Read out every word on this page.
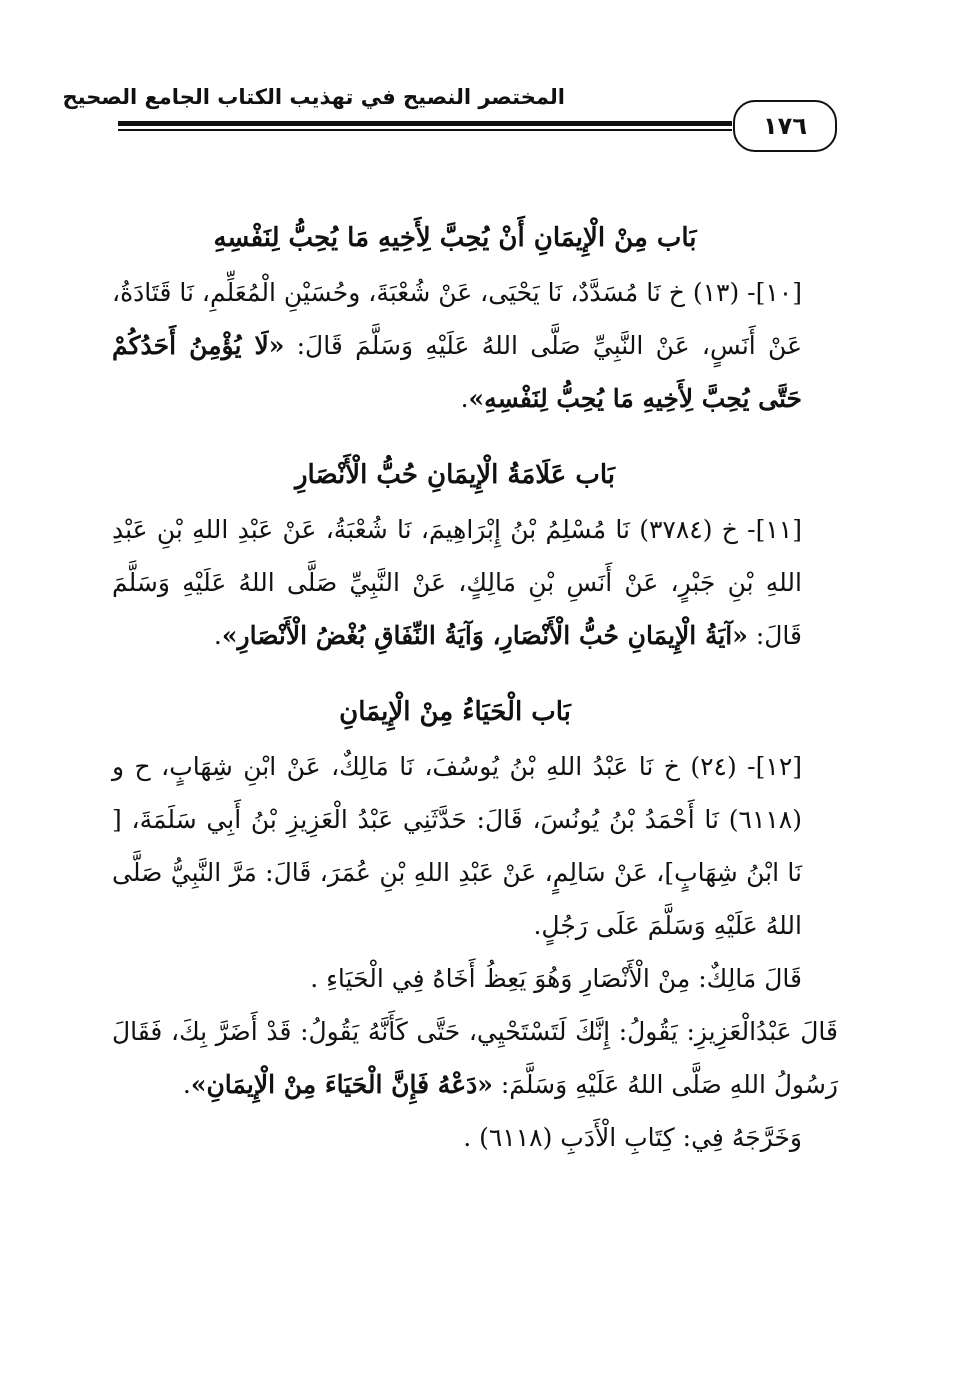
المختصر النصيح في تهذيب الكتاب الجامع الصحيح
١٧٦
بَاب مِنْ الْإِيمَانِ أَنْ يُحِبَّ لِأَخِيهِ مَا يُحِبُّ لِنَفْسِهِ

[١٠]- (١٣) خ نَا مُسَدَّدٌ، نَا يَحْيَى، عَنْ شُعْبَةَ، وحُسَيْنِ الْمُعَلِّمِ، نَا قَتَادَةُ، عَنْ أَنَسٍ، عَنْ النَّبِيِّ صَلَّى اللهُ عَلَيْهِ وَسَلَّمَ قَالَ: «لَا يُؤْمِنُ أَحَدُكُمْ حَتَّى يُحِبَّ لِأَخِيهِ مَا يُحِبُّ لِنَفْسِهِ».

بَاب عَلَامَةُ الْإِيمَانِ حُبُّ الْأَنْصَارِ

[١١]- خ (٣٧٨٤) نَا مُسْلِمُ بْنُ إِبْرَاهِيمَ، نَا شُعْبَةُ، عَنْ عَبْدِ اللهِ بْنِ عَبْدِ اللهِ بْنِ جَبْرٍ، عَنْ أَنَسِ بْنِ مَالِكٍ، عَنْ النَّبِيِّ صَلَّى اللهُ عَلَيْهِ وَسَلَّمَ قَالَ: «آيَةُ الْإِيمَانِ حُبُّ الْأَنْصَارِ، وَآيَةُ النِّفَاقِ بُغْضُ الْأَنْصَارِ».

بَاب الْحَيَاءُ مِنْ الْإِيمَانِ

[١٢]- (٢٤) خ نَا عَبْدُ اللهِ بْنُ يُوسُفَ، نَا مَالِكٌ، عَنْ ابْنِ شِهَابٍ، ح و (٦١١٨) نَا أَحْمَدُ بْنُ يُونُسَ، قَالَ: حَدَّثَنِي عَبْدُ الْعَزِيزِ بْنُ أَبِي سَلَمَةَ، [ نَا ابْنُ شِهَابٍ]، عَنْ سَالِمٍ، عَنْ عَبْدِ اللهِ بْنِ عُمَرَ، قَالَ: مَرَّ النَّبِيُّ صَلَّى اللهُ عَلَيْهِ وَسَلَّمَ عَلَى رَجُلٍ.

قَالَ مَالِكٌ: مِنْ الْأَنْصَارِ وَهُوَ يَعِظُ أَخَاهُ فِي الْحَيَاءِ .

قَالَ عَبْدُالْعَزِيزِ: يَقُولُ: إِنَّكَ لَتَسْتَحْيِي، حَتَّى كَأَنَّهُ يَقُولُ: قَدْ أَضَرَّ بِكَ، فَقَالَ رَسُولُ اللهِ صَلَّى اللهُ عَلَيْهِ وَسَلَّمَ: «دَعْهُ فَإِنَّ الْحَيَاءَ مِنْ الْإِيمَانِ».

وَخَرَّجَهُ فِي: كِتَابِ الْأَدَبِ (٦١١٨) .
